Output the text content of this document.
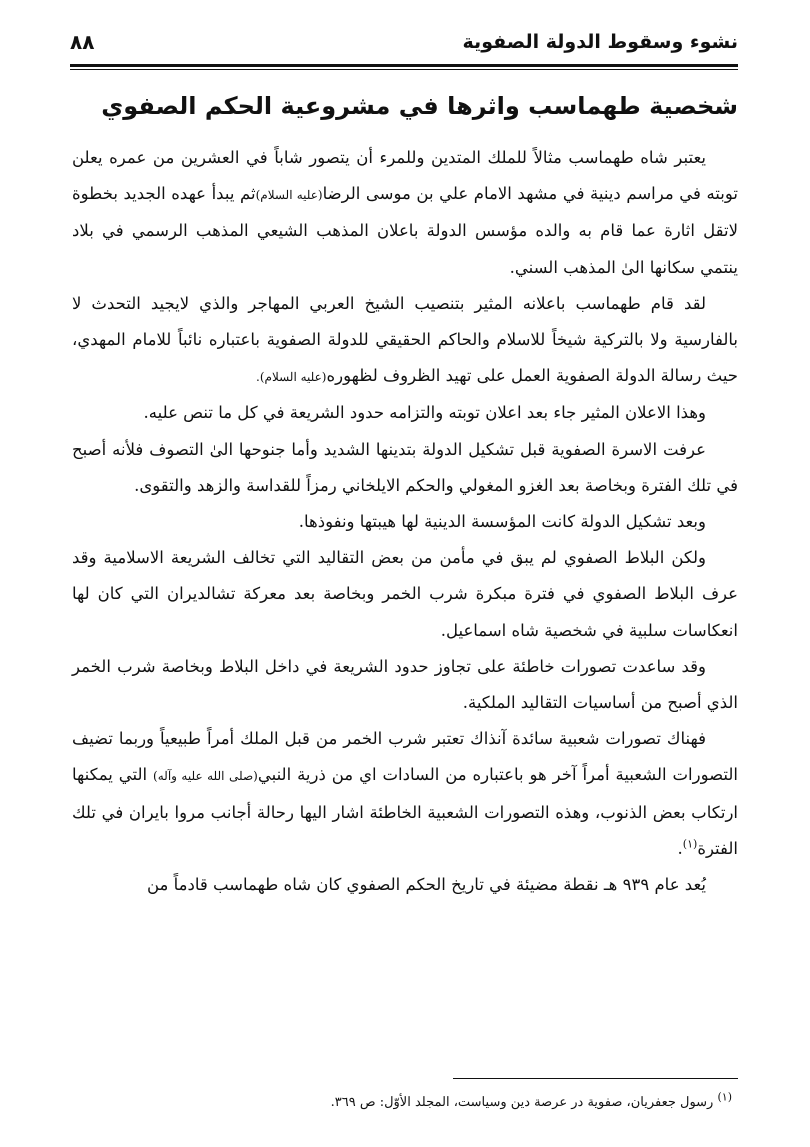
نشوء وسقوط الدولة الصفوية
٨٨
شخصية طهماسب واثرها في مشروعية الحكم الصفوي

يعتبر شاه طهماسب مثالاً للملك المتدين وللمرء أن يتصور شاباً في العشرين من عمره يعلن توبته في مراسم دينية في مشهد الامام علي بن موسى الرضا(عليه السلام)ثم يبدأ عهده الجديد بخطوة لاتقل اثارة عما قام به والده مؤسس الدولة باعلان المذهب الشيعي المذهب الرسمي في بلاد ينتمي سكانها الىٰ المذهب السني.

لقد قام طهماسب باعلانه المثير بتنصيب الشيخ العربي المهاجر والذي لايجيد التحدث لا بالفارسية ولا بالتركية شيخاً للاسلام والحاكم الحقيقي للدولة الصفوية باعتباره نائباً للامام المهدي، حيث رسالة الدولة الصفوية العمل على تهيد الظروف لظهوره(عليه السلام).

وهذا الاعلان المثير جاء بعد اعلان توبته والتزامه حدود الشريعة في كل ما تنص عليه.

عرفت الاسرة الصفوية قبل تشكيل الدولة بتدينها الشديد وأما جنوحها الىٰ التصوف فلأنه أصبح في تلك الفترة وبخاصة بعد الغزو المغولي والحكم الايلخاني رمزاً للقداسة والزهد والتقوى.

وبعد تشكيل الدولة كانت المؤسسة الدينية لها هيبتها ونفوذها.

ولكن البلاط الصفوي لم يبق في مأمن من بعض التقاليد التي تخالف الشريعة الاسلامية وقد عرف البلاط الصفوي في فترة مبكرة شرب الخمر وبخاصة بعد معركة تشالديران التي كان لها انعكاسات سلبية في شخصية شاه اسماعيل.

وقد ساعدت تصورات خاطئة على تجاوز حدود الشريعة في داخل البلاط وبخاصة شرب الخمر الذي أصبح من أساسيات التقاليد الملكية.

فهناك تصورات شعبية سائدة آنذاك تعتبر شرب الخمر من قبل الملك أمراً طبيعياً وربما تضيف التصورات الشعبية أمراً آخر هو باعتباره من السادات اي من ذرية النبي(صلى الله عليه وآله) التي يمكنها ارتكاب بعض الذنوب، وهذه التصورات الشعبية الخاطئة اشار اليها رحالة أجانب مروا بايران في تلك الفترة$^{(١)}$.

يُعد عام ٩٣٩ هـ نقطة مضيئة في تاريخ الحكم الصفوي كان شاه طهماسب قادماً من

$^{(١)}$ رسول جعفريان، صفوية در عرصة دين وسياست، المجلد الأوّل: ص ٣٦٩.
